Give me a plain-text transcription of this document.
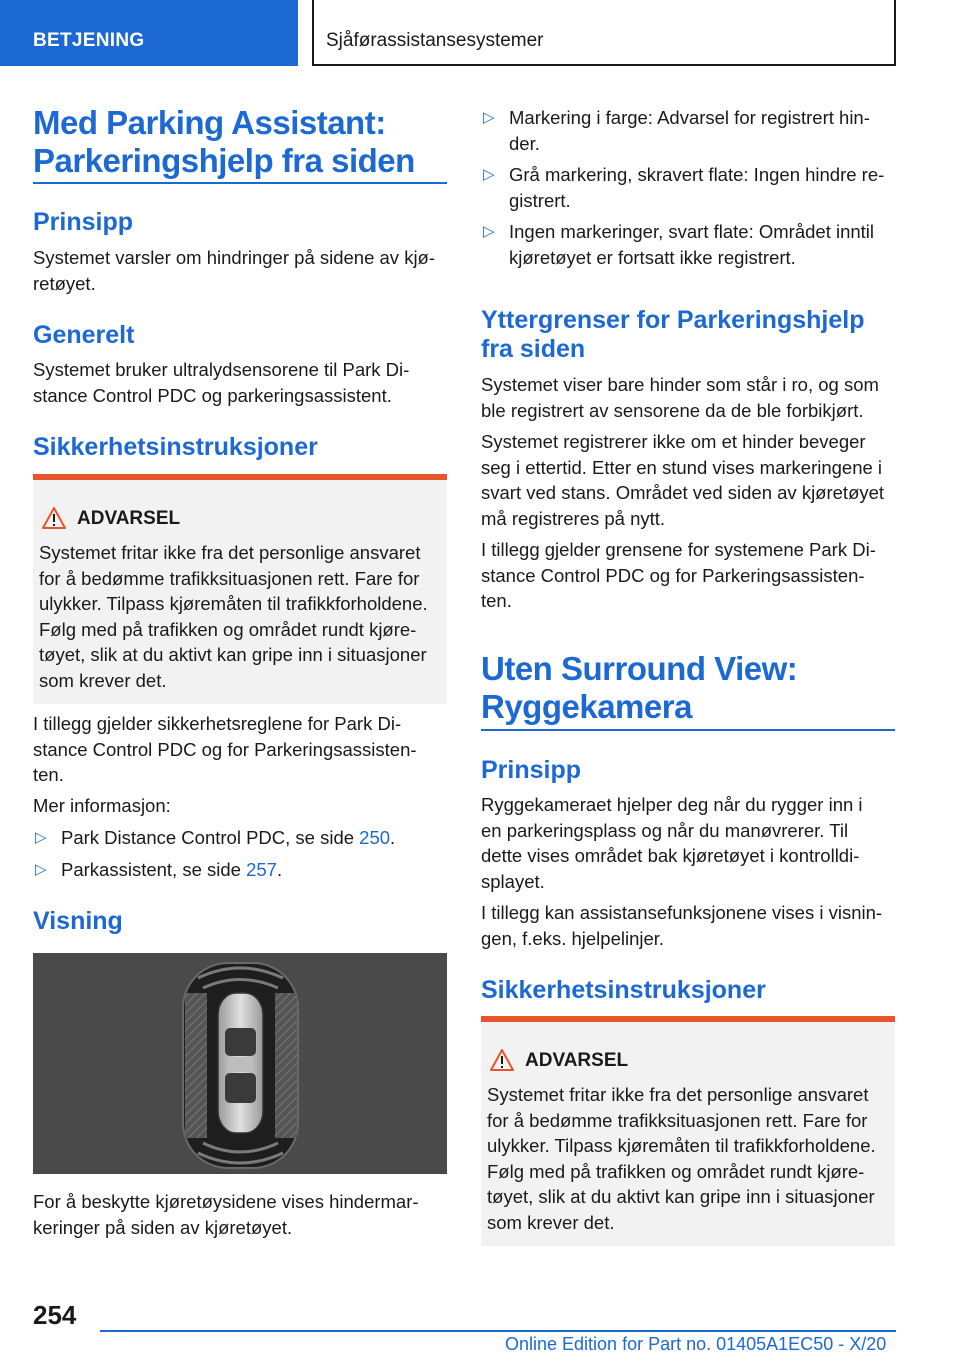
BETJENING	Sjåførassistansesystemer
Med Parking Assistant:
Parkeringshjelp fra siden
Prinsipp
Systemet varsler om hindringer på sidene av kjø-
retøyet.
Generelt
Systemet bruker ultralydsensorene til Park Di-
stance Control PDC og parkeringsassistent.
Sikkerhetsinstruksjoner
ADVARSEL
Systemet fritar ikke fra det personlige ansvaret
for å bedømme trafikksituasjonen rett. Fare for
ulykker. Tilpass kjøremåten til trafikkforholdene.
Følg med på trafikken og området rundt kjøre-
tøyet, slik at du aktivt kan gripe inn i situasjoner
som krever det.
I tillegg gjelder sikkerhetsreglene for Park Di-
stance Control PDC og for Parkeringsassisten-
ten.
Mer informasjon:
▷ Park Distance Control PDC, se side 250.
▷ Parkassistent, se side 257.
Visning
For å beskytte kjøretøysidene vises hindermar-
keringer på siden av kjøretøyet.
▷ Markering i farge: Advarsel for registrert hin-
der.
▷ Grå markering, skravert flate: Ingen hindre re-
gistrert.
▷ Ingen markeringer, svart flate: Området inntil
kjøretøyet er fortsatt ikke registrert.
Yttergrenser for Parkeringshjelp
fra siden
Systemet viser bare hinder som står i ro, og som
ble registrert av sensorene da de ble forbikjørt.
Systemet registrerer ikke om et hinder beveger
seg i ettertid. Etter en stund vises markeringene i
svart ved stans. Området ved siden av kjøretøyet
må registreres på nytt.
I tillegg gjelder grensene for systemene Park Di-
stance Control PDC og for Parkeringsassisten-
ten.
Uten Surround View:
Ryggekamera
Prinsipp
Ryggekameraet hjelper deg når du rygger inn i
en parkeringsplass og når du manøvrerer. Til
dette vises området bak kjøretøyet i kontrolldi-
splayet.
I tillegg kan assistansefunksjonene vises i visnin-
gen, f.eks. hjelpelinjer.
Sikkerhetsinstruksjoner
ADVARSEL
Systemet fritar ikke fra det personlige ansvaret
for å bedømme trafikksituasjonen rett. Fare for
ulykker. Tilpass kjøremåten til trafikkforholdene.
Følg med på trafikken og området rundt kjøre-
tøyet, slik at du aktivt kan gripe inn i situasjoner
som krever det.
254
Online Edition for Part no. 01405A1EC50 - X/20
